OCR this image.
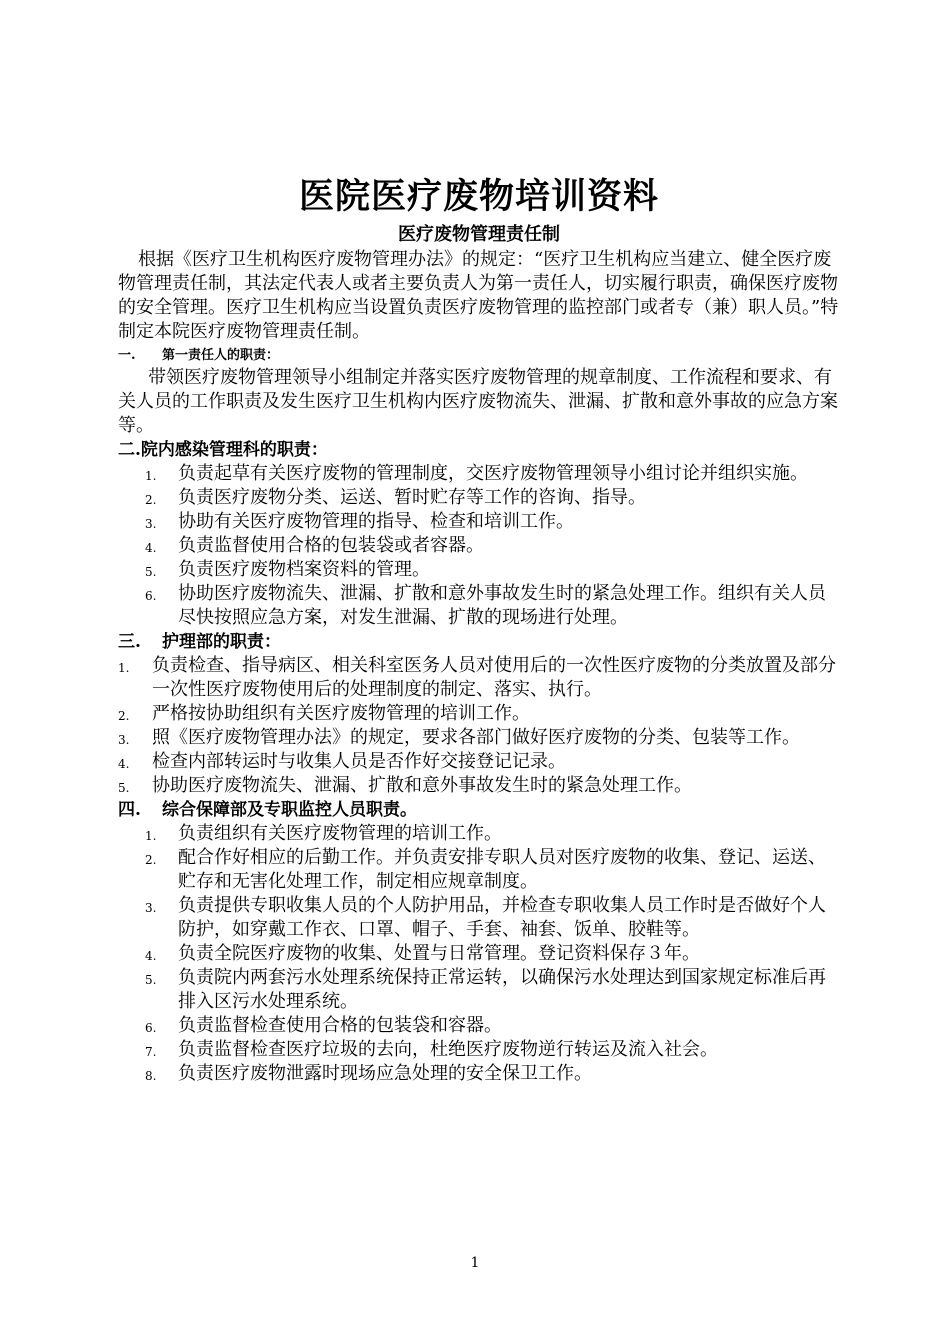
医院医疗废物培训资料
医疗废物管理责任制

根据《医疗卫生机构医疗废物管理办法》的规定：“医疗卫生机构应当建立、健全医疗废物管理责任制，其法定代表人或者主要负责人为第一责任人，切实履行职责，确保医疗废物的安全管理。医疗卫生机构应当设置负责医疗废物管理的监控部门或者专（兼）职人员。”特制定本院医疗废物管理责任制。

一. 第一责任人的职责：

带领医疗废物管理领导小组制定并落实医疗废物管理的规章制度、工作流程和要求、有关人员的工作职责及发生医疗卫生机构内医疗废物流失、泄漏、扩散和意外事故的应急方案等。

二.院内感染管理科的职责：
1. 负责起草有关医疗废物的管理制度，交医疗废物管理领导小组讨论并组织实施。
2. 负责医疗废物分类、运送、暂时贮存等工作的咨询、指导。
3. 协助有关医疗废物管理的指导、检查和培训工作。
4. 负责监督使用合格的包装袋或者容器。
5. 负责医疗废物档案资料的管理。
6. 协助医疗废物流失、泄漏、扩散和意外事故发生时的紧急处理工作。组织有关人员尽快按照应急方案，对发生泄漏、扩散的现场进行处理。
三. 护理部的职责：
1. 负责检查、指导病区、相关科室医务人员对使用后的一次性医疗废物的分类放置及部分一次性医疗废物使用后的处理制度的制定、落实、执行。
2. 严格按协助组织有关医疗废物管理的培训工作。
3. 照《医疗废物管理办法》的规定，要求各部门做好医疗废物的分类、包装等工作。
4. 检查内部转运时与收集人员是否作好交接登记记录。
5. 协助医疗废物流失、泄漏、扩散和意外事故发生时的紧急处理工作。
四. 综合保障部及专职监控人员职责。
1. 负责组织有关医疗废物管理的培训工作。
2. 配合作好相应的后勤工作。并负责安排专职人员对医疗废物的收集、登记、运送、贮存和无害化处理工作，制定相应规章制度。
3. 负责提供专职收集人员的个人防护用品，并检查专职收集人员工作时是否做好个人防护，如穿戴工作衣、口罩、帽子、手套、袖套、饭单、胶鞋等。
4. 负责全院医疗废物的收集、处置与日常管理。登记资料保存３年。
5. 负责院内两套污水处理系统保持正常运转，以确保污水处理达到国家规定标准后再排入区污水处理系统。
6. 负责监督检查使用合格的包装袋和容器。
7. 负责监督检查医疗垃圾的去向，杜绝医疗废物逆行转运及流入社会。
8. 负责医疗废物泄露时现场应急处理的安全保卫工作。
1
